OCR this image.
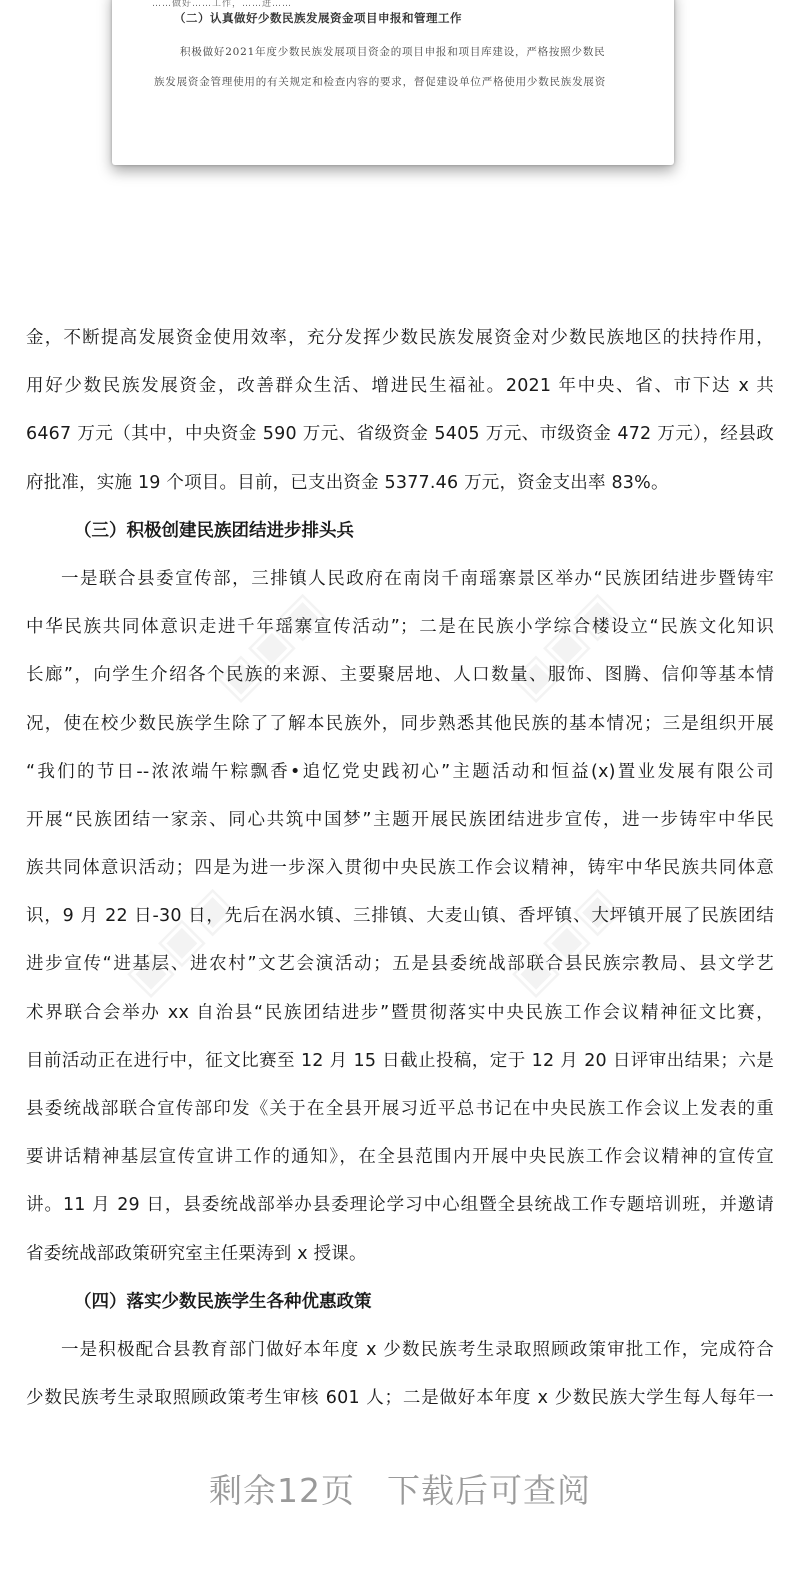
……做好……工作，……进……
（二）认真做好少数民族发展资金项目申报和管理工作
积极做好2021年度少数民族发展项目资金的项目申报和项目库建设，严格按照少数民
族发展资金管理使用的有关规定和检查内容的要求，督促建设单位严格使用少数民族发展资
▣▣▣	▣▣▣
▣▣▣	▣▣▣
金，不断提高发展资金使用效率，充分发挥少数民族发展资金对少数民族地区的扶持作用，
用好少数民族发展资金，改善群众生活、增进民生福祉。2021 年中央、省、市下达 x 共
6467 万元（其中，中央资金 590 万元、省级资金 5405 万元、市级资金 472 万元），经县政
府批准，实施 19 个项目。目前，已支出资金 5377.46 万元，资金支出率 83%。
（三）积极创建民族团结进步排头兵
一是联合县委宣传部，三排镇人民政府在南岗千南瑶寨景区举办“民族团结进步暨铸牢
中华民族共同体意识走进千年瑶寨宣传活动”；二是在民族小学综合楼设立“民族文化知识
长廊”，向学生介绍各个民族的来源、主要聚居地、人口数量、服饰、图腾、信仰等基本情
况，使在校少数民族学生除了了解本民族外，同步熟悉其他民族的基本情况；三是组织开展
“我们的节日--浓浓端午粽飘香•追忆党史践初心”主题活动和恒益(x)置业发展有限公司
开展“民族团结一家亲、同心共筑中国梦”主题开展民族团结进步宣传，进一步铸牢中华民
族共同体意识活动；四是为进一步深入贯彻中央民族工作会议精神，铸牢中华民族共同体意
识，9 月 22 日-30 日，先后在涡水镇、三排镇、大麦山镇、香坪镇、大坪镇开展了民族团结
进步宣传“进基层、进农村”文艺会演活动；五是县委统战部联合县民族宗教局、县文学艺
术界联合会举办 xx 自治县“民族团结进步”暨贯彻落实中央民族工作会议精神征文比赛，
目前活动正在进行中，征文比赛至 12 月 15 日截止投稿，定于 12 月 20 日评审出结果；六是
县委统战部联合宣传部印发《关于在全县开展习近平总书记在中央民族工作会议上发表的重
要讲话精神基层宣传宣讲工作的通知》，在全县范围内开展中央民族工作会议精神的宣传宣
讲。11 月 29 日，县委统战部举办县委理论学习中心组暨全县统战工作专题培训班，并邀请
省委统战部政策研究室主任栗涛到 x 授课。
（四）落实少数民族学生各种优惠政策
一是积极配合县教育部门做好本年度 x 少数民族考生录取照顾政策审批工作，完成符合
少数民族考生录取照顾政策考生审核 601 人；二是做好本年度 x 少数民族大学生每人每年一
剩余12页 下载后可查阅
